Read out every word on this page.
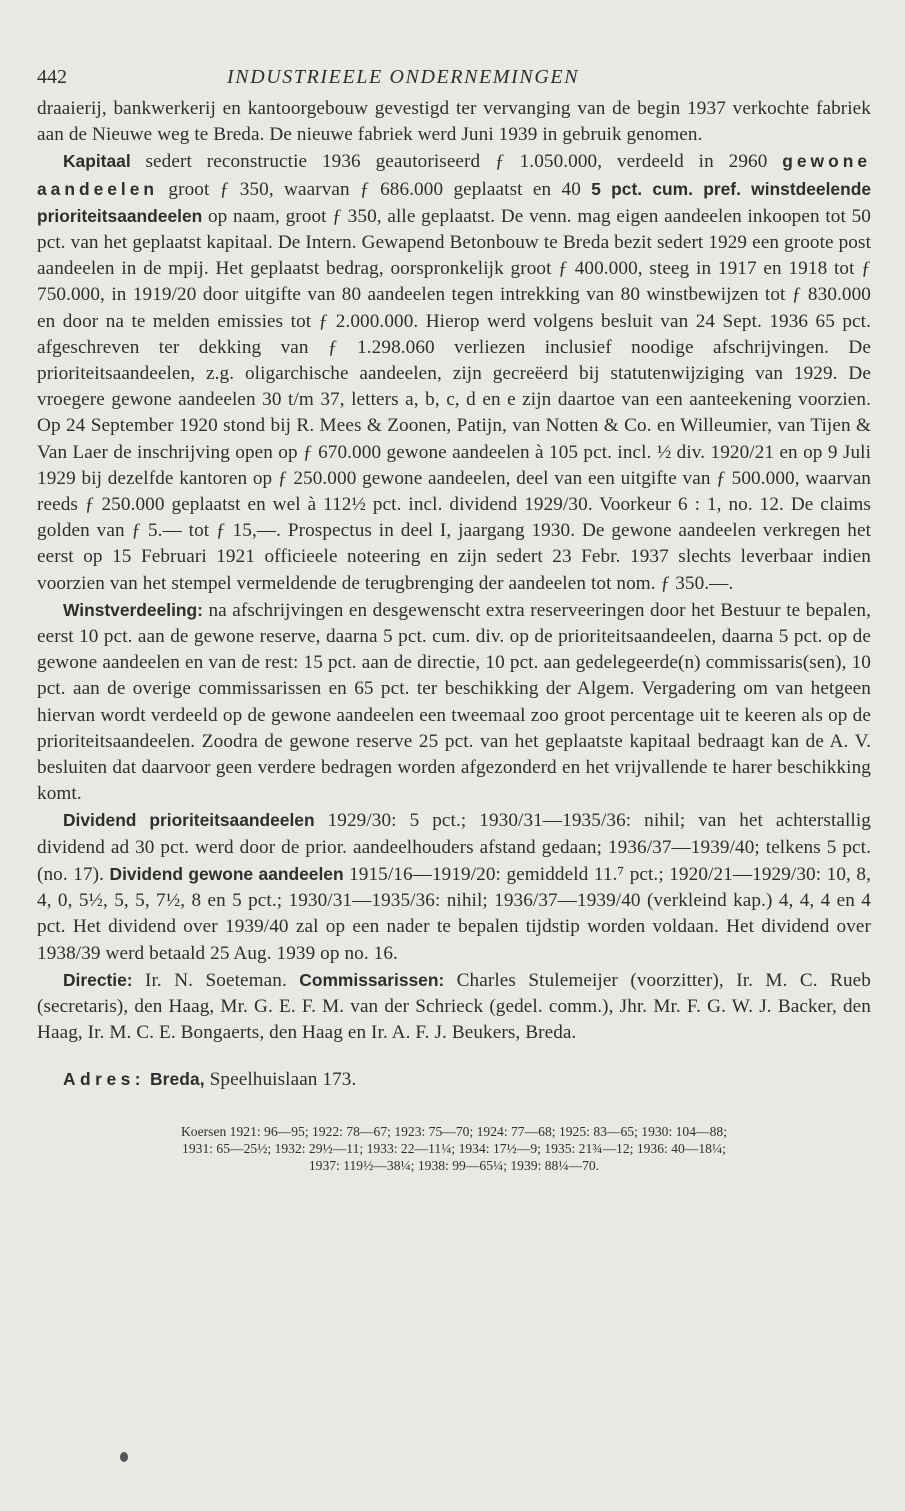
442	INDUSTRIEELE ONDERNEMINGEN

draaierij, bankwerkerij en kantoorgebouw gevestigd ter vervanging van de begin 1937 verkochte fabriek aan de Nieuwe weg te Breda. De nieuwe fabriek werd Juni 1939 in gebruik genomen.

Kapitaal sedert reconstructie 1936 geautoriseerd ƒ 1.050.000, verdeeld in 2960 gewone aandeelen groot ƒ 350, waarvan ƒ 686.000 geplaatst en 40 5 pct. cum. pref. winstdeelende prioriteitsaandeelen op naam, groot ƒ 350, alle geplaatst. De venn. mag eigen aandeelen inkoopen tot 50 pct. van het geplaatst kapitaal. De Intern. Gewapend Betonbouw te Breda bezit sedert 1929 een groote post aandeelen in de mpij. Het geplaatst bedrag, oorspronkelijk groot ƒ 400.000, steeg in 1917 en 1918 tot ƒ 750.000, in 1919/20 door uitgifte van 80 aandeelen tegen intrekking van 80 winstbewijzen tot ƒ 830.000 en door na te melden emissies tot ƒ 2.000.000. Hierop werd volgens besluit van 24 Sept. 1936 65 pct. afgeschreven ter dekking van ƒ 1.298.060 verliezen inclusief noodige afschrijvingen. De prioriteitsaandeelen, z.g. oligarchische aandeelen, zijn gecreëerd bij statutenwijziging van 1929. De vroegere gewone aandeelen 30 t/m 37, letters a, b, c, d en e zijn daartoe van een aanteekening voorzien. Op 24 September 1920 stond bij R. Mees & Zoonen, Patijn, van Notten & Co. en Willeumier, van Tijen & Van Laer de inschrijving open op ƒ 670.000 gewone aandeelen à 105 pct. incl. ½ div. 1920/21 en op 9 Juli 1929 bij dezelfde kantoren op ƒ 250.000 gewone aandeelen, deel van een uitgifte van ƒ 500.000, waarvan reeds ƒ 250.000 geplaatst en wel à 112½ pct. incl. dividend 1929/30. Voorkeur 6 : 1, no. 12. De claims golden van ƒ 5.— tot ƒ 15,—. Prospectus in deel I, jaargang 1930. De gewone aandeelen verkregen het eerst op 15 Februari 1921 officieele noteering en zijn sedert 23 Febr. 1937 slechts leverbaar indien voorzien van het stempel vermeldende de terugbrenging der aandeelen tot nom. ƒ 350.—.

Winstverdeeling: na afschrijvingen en desgewenscht extra reserveeringen door het Bestuur te bepalen, eerst 10 pct. aan de gewone reserve, daarna 5 pct. cum. div. op de prioriteitsaandeelen, daarna 5 pct. op de gewone aandeelen en van de rest: 15 pct. aan de directie, 10 pct. aan gedelegeerde(n) commissaris(sen), 10 pct. aan de overige commissarissen en 65 pct. ter beschikking der Algem. Vergadering om van hetgeen hiervan wordt verdeeld op de gewone aandeelen een tweemaal zoo groot percentage uit te keeren als op de prioriteitsaandeelen. Zoodra de gewone reserve 25 pct. van het geplaatste kapitaal bedraagt kan de A. V. besluiten dat daarvoor geen verdere bedragen worden afgezonderd en het vrijvallende te harer beschikking komt.

Dividend prioriteitsaandeelen 1929/30: 5 pct.; 1930/31—1935/36: nihil; van het achterstallig dividend ad 30 pct. werd door de prior. aandeelhouders afstand gedaan; 1936/37—1939/40; telkens 5 pct. (no. 17). Dividend gewone aandeelen 1915/16—1919/20: gemiddeld 11.⁷ pct.; 1920/21—1929/30: 10, 8, 4, 0, 5½, 5, 5, 7½, 8 en 5 pct.; 1930/31—1935/36: nihil; 1936/37—1939/40 (verkleind kap.) 4, 4, 4 en 4 pct. Het dividend over 1939/40 zal op een nader te bepalen tijdstip worden voldaan. Het dividend over 1938/39 werd betaald 25 Aug. 1939 op no. 16.

Directie: Ir. N. Soeteman. Commissarissen: Charles Stulemeijer (voorzitter), Ir. M. C. Rueb (secretaris), den Haag, Mr. G. E. F. M. van der Schrieck (gedel. comm.), Jhr. Mr. F. G. W. J. Backer, den Haag, Ir. M. C. E. Bongaerts, den Haag en Ir. A. F. J. Beukers, Breda.

Adres: Breda, Speelhuislaan 173.

Koersen 1921: 96—95; 1922: 78—67; 1923: 75—70; 1924: 77—68; 1925: 83—65; 1930: 104—88;
1931: 65—25½; 1932: 29½—11; 1933: 22—11¼; 1934: 17½—9; 1935: 21¾—12; 1936: 40—18¼;
1937: 119½—38¼; 1938: 99—65¼; 1939: 88¼—70.
